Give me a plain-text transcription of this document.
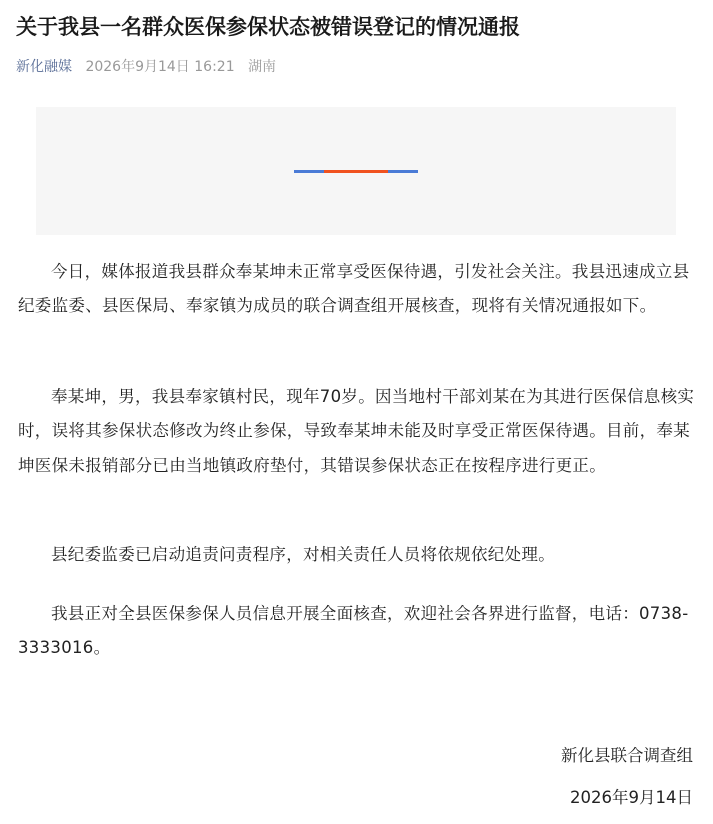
关于我县一名群众医保参保状态被错误登记的情况通报
新化融媒 2026年9月14日 16:21 湖南

今日，媒体报道我县群众奉某坤未正常享受医保待遇，引发社会关注。我县迅速成立县纪委监委、县医保局、奉家镇为成员的联合调查组开展核查，现将有关情况通报如下。

奉某坤，男，我县奉家镇村民，现年70岁。因当地村干部刘某在为其进行医保信息核实时，误将其参保状态修改为终止参保，导致奉某坤未能及时享受正常医保待遇。目前，奉某坤医保未报销部分已由当地镇政府垫付，其错误参保状态正在按程序进行更正。

县纪委监委已启动追责问责程序，对相关责任人员将依规依纪处理。

我县正对全县医保参保人员信息开展全面核查，欢迎社会各界进行监督，电话：0738-3333016。

新化县联合调查组
2026年9月14日
